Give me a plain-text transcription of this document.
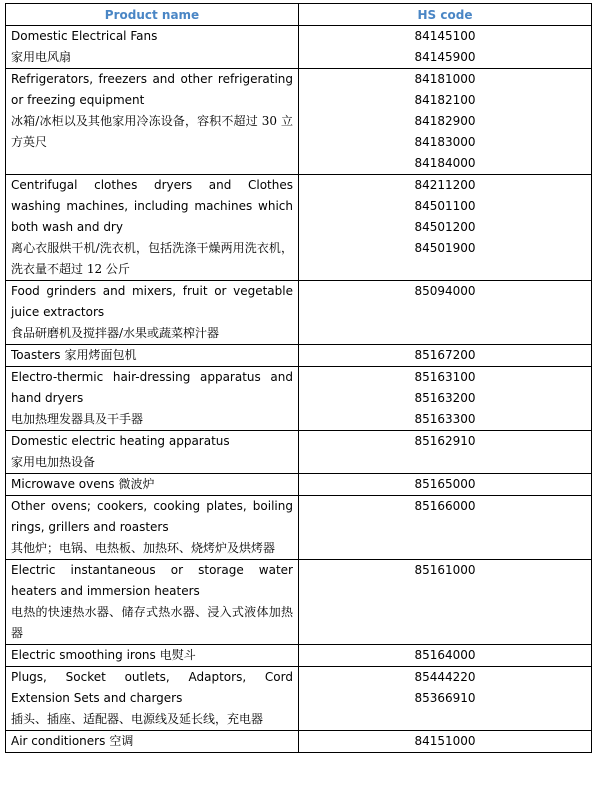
Product name	HS code

Domestic Electrical Fans
家用电风扇	84145100
84145900

Refrigerators, freezers and other refrigerating or freezing equipment
冰箱/冰柜以及其他家用冷冻设备，容积不超过 30 立方英尺	84181000
84182100
84182900
84183000
84184000

Centrifugal clothes dryers and Clothes washing machines, including machines which both wash and dry
离心衣服烘干机/洗衣机，包括洗涤干燥两用洗衣机，洗衣量不超过 12 公斤	84211200
84501100
84501200
84501900

Food grinders and mixers, fruit or vegetable juice extractors
食品研磨机及搅拌器/水果或蔬菜榨汁器	85094000

Toasters 家用烤面包机	85167200

Electro-thermic hair-dressing apparatus and hand dryers
电加热理发器具及干手器	85163100
85163200
85163300

Domestic electric heating apparatus
家用电加热设备	85162910

Microwave ovens 微波炉	85165000

Other ovens; cookers, cooking plates, boiling rings, grillers and roasters
其他炉；电锅、电热板、加热环、烧烤炉及烘烤器	85166000

Electric instantaneous or storage water heaters and immersion heaters
电热的快速热水器、储存式热水器、浸入式液体加热器	85161000

Electric smoothing irons 电熨斗	85164000

Plugs, Socket outlets, Adaptors, Cord Extension Sets and chargers
插头、插座、适配器、电源线及延长线，充电器	85444220
85366910

Air conditioners 空调	84151000
